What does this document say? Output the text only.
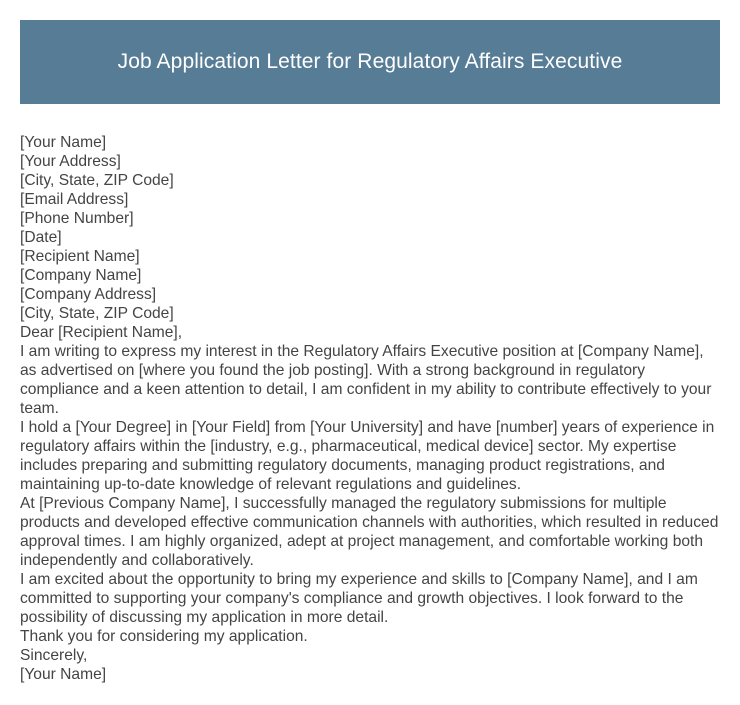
Job Application Letter for Regulatory Affairs Executive
[Your Name]
[Your Address]
[City, State, ZIP Code]
[Email Address]
[Phone Number]
[Date]
[Recipient Name]
[Company Name]
[Company Address]
[City, State, ZIP Code]
Dear [Recipient Name],

I am writing to express my interest in the Regulatory Affairs Executive position at [Company Name], as advertised on [where you found the job posting]. With a strong background in regulatory compliance and a keen attention to detail, I am confident in my ability to contribute effectively to your team.

I hold a [Your Degree] in [Your Field] from [Your University] and have [number] years of experience in regulatory affairs within the [industry, e.g., pharmaceutical, medical device] sector. My expertise includes preparing and submitting regulatory documents, managing product registrations, and maintaining up-to-date knowledge of relevant regulations and guidelines.

At [Previous Company Name], I successfully managed the regulatory submissions for multiple products and developed effective communication channels with authorities, which resulted in reduced approval times. I am highly organized, adept at project management, and comfortable working both independently and collaboratively.

I am excited about the opportunity to bring my experience and skills to [Company Name], and I am committed to supporting your company's compliance and growth objectives. I look forward to the possibility of discussing my application in more detail.

Thank you for considering my application.

Sincerely,
[Your Name]
